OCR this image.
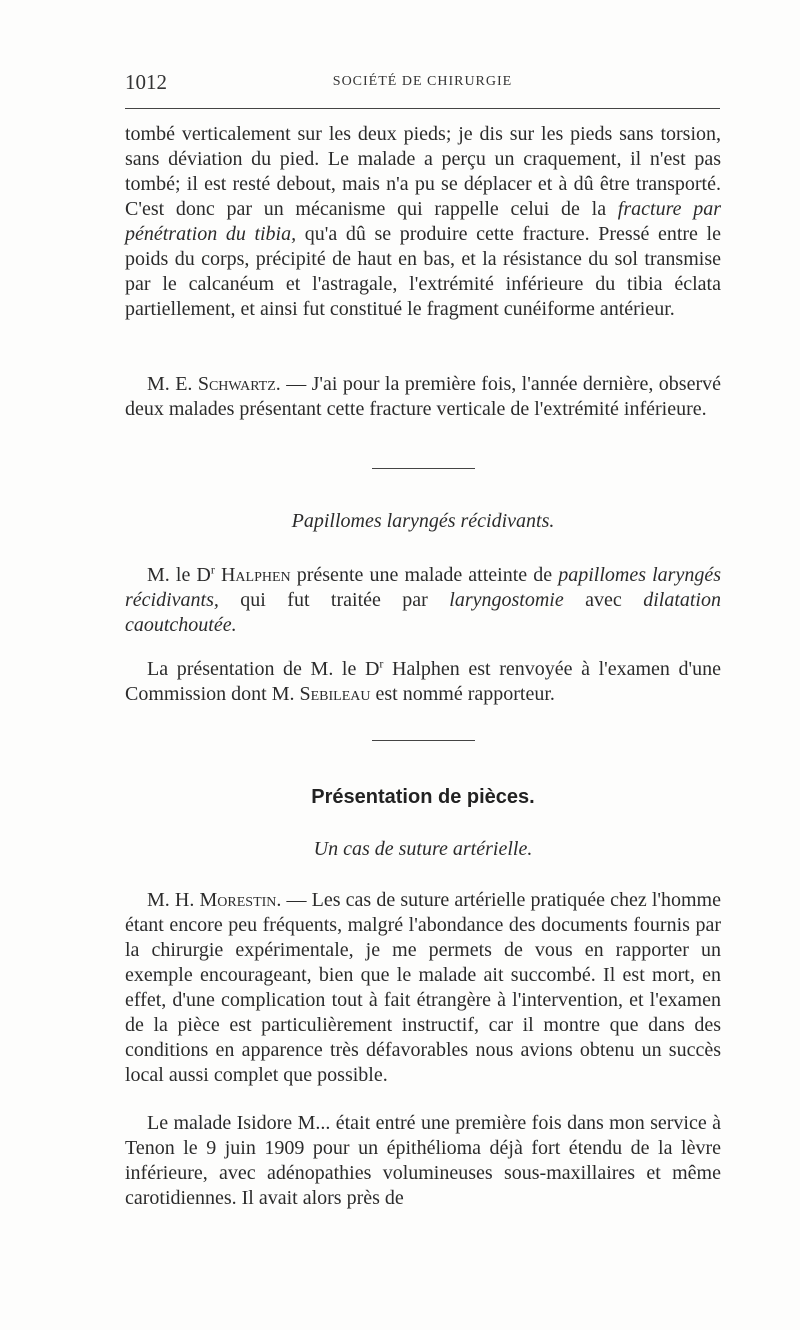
1012	SOCIÉTÉ DE CHIRURGIE

tombé verticalement sur les deux pieds; je dis sur les pieds sans torsion, sans déviation du pied. Le malade a perçu un craquement, il n'est pas tombé; il est resté debout, mais n'a pu se déplacer et à dû être transporté. C'est donc par un mécanisme qui rappelle celui de la fracture par pénétration du tibia, qu'a dû se produire cette fracture. Pressé entre le poids du corps, précipité de haut en bas, et la résistance du sol transmise par le calcanéum et l'astragale, l'extrémité inférieure du tibia éclata partiellement, et ainsi fut constitué le fragment cunéiforme antérieur.

M. E. Schwartz. — J'ai pour la première fois, l'année dernière, observé deux malades présentant cette fracture verticale de l'extrémité inférieure.

Papillomes laryngés récidivants.

M. le $D^r$ Halphen présente une malade atteinte de papillomes laryngés récidivants, qui fut traitée par laryngostomie avec dilatation caoutchoutée.

La présentation de M. le $D^r$ Halphen est renvoyée à l'examen d'une Commission dont M. Sebileau est nommé rapporteur.

Présentation de pièces.
Un cas de suture artérielle.

M. H. Morestin. — Les cas de suture artérielle pratiquée chez l'homme étant encore peu fréquents, malgré l'abondance des documents fournis par la chirurgie expérimentale, je me permets de vous en rapporter un exemple encourageant, bien que le malade ait succombé. Il est mort, en effet, d'une complication tout à fait étrangère à l'intervention, et l'examen de la pièce est particulièrement instructif, car il montre que dans des conditions en apparence très défavorables nous avions obtenu un succès local aussi complet que possible.

Le malade Isidore M... était entré une première fois dans mon service à Tenon le 9 juin 1909 pour un épithélioma déjà fort étendu de la lèvre inférieure, avec adénopathies volumineuses sous-maxillaires et même carotidiennes. Il avait alors près de
